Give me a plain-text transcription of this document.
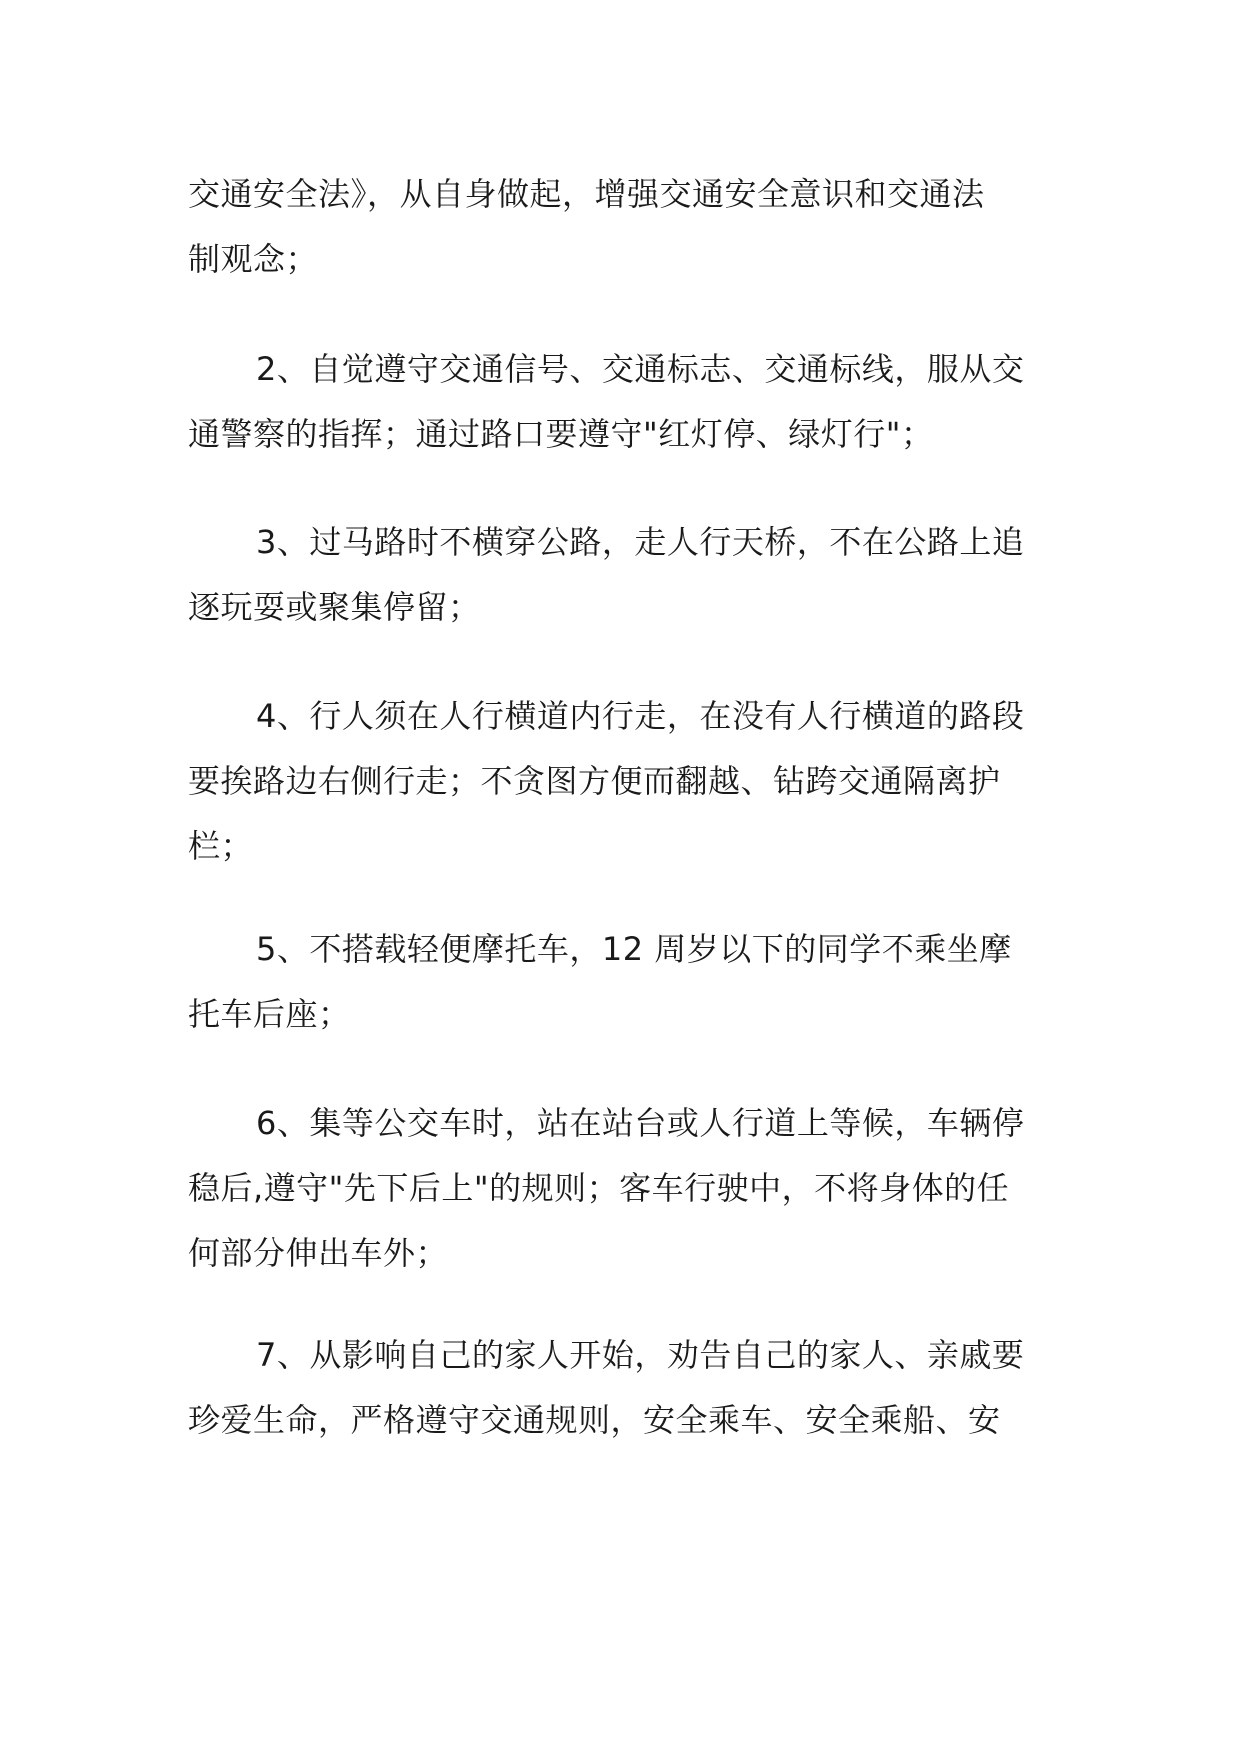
交通安全法》，从自身做起，增强交通安全意识和交通法
制观念；

2、自觉遵守交通信号、交通标志、交通标线，服从交
通警察的指挥；通过路口要遵守"红灯停、绿灯行"；

3、过马路时不横穿公路，走人行天桥，不在公路上追
逐玩耍或聚集停留；

4、行人须在人行横道内行走，在没有人行横道的路段
要挨路边右侧行走；不贪图方便而翻越、钻跨交通隔离护
栏；

5、不搭载轻便摩托车，12 周岁以下的同学不乘坐摩
托车后座；

6、集等公交车时，站在站台或人行道上等候，车辆停
稳后,遵守"先下后上"的规则；客车行驶中，不将身体的任
何部分伸出车外；

7、从影响自己的家人开始，劝告自己的家人、亲戚要
珍爱生命，严格遵守交通规则，安全乘车、安全乘船、安
